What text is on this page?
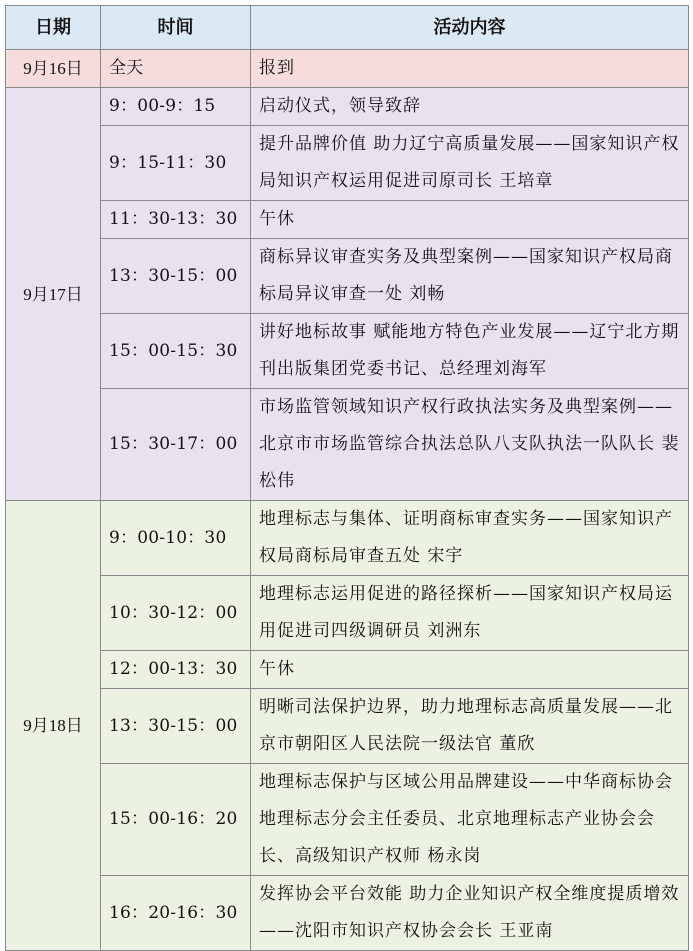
日期	时间	活动内容
9月16日	全天	报到
9月17日	9：00-9：15	启动仪式，领导致辞
	9：15-11：30	提升品牌价值 助力辽宁高质量发展——国家知识产权局知识产权运用促进司原司长 王培章
	11：30-13：30	午休
	13：30-15：00	商标异议审查实务及典型案例——国家知识产权局商标局异议审查一处 刘畅
	15：00-15：30	讲好地标故事 赋能地方特色产业发展——辽宁北方期刊出版集团党委书记、总经理刘海军
	15：30-17：00	市场监管领域知识产权行政执法实务及典型案例——北京市市场监管综合执法总队八支队执法一队队长 裴松伟
9月18日	9：00-10：30	地理标志与集体、证明商标审查实务——国家知识产权局商标局审查五处 宋宇
	10：30-12：00	地理标志运用促进的路径探析——国家知识产权局运用促进司四级调研员 刘洲东
	12：00-13：30	午休
	13：30-15：00	明晰司法保护边界，助力地理标志高质量发展——北京市朝阳区人民法院一级法官 董欣
	15：00-16：20	地理标志保护与区域公用品牌建设——中华商标协会地理标志分会主任委员、北京地理标志产业协会会长、高级知识产权师 杨永岗
	16：20-16：30	发挥协会平台效能 助力企业知识产权全维度提质增效——沈阳市知识产权协会会长 王亚南
